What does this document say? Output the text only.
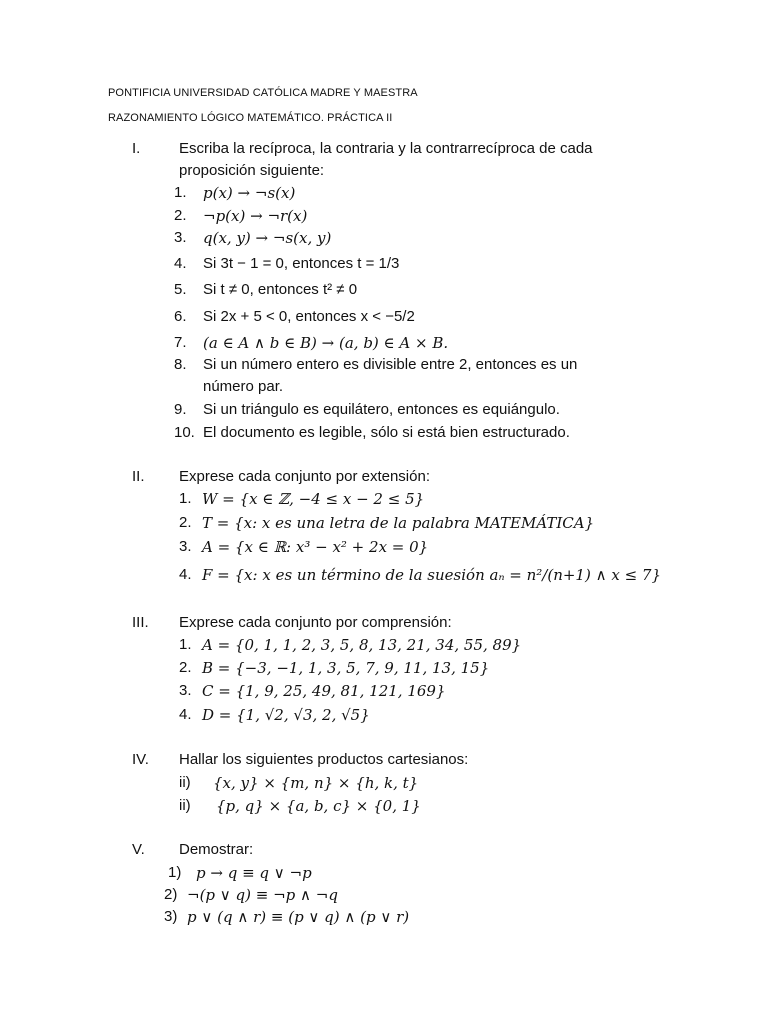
PONTIFICIA UNIVERSIDAD CATÓLICA MADRE Y MAESTRA
RAZONAMIENTO LÓGICO MATEMÁTICO. PRÁCTICA II
I.	Escriba la recíproca, la contraria y la contrarrecíproca de cada
proposición siguiente:
1. p(x) → ¬s(x)
2. ¬p(x) → ¬r(x)
3. q(x, y) → ¬s(x, y)
4. Si 3t − 1 = 0, entonces t = 1/3
5. Si t ≠ 0, entonces t² ≠ 0
6. Si 2x + 5 < 0, entonces x < −5/2
7. (a ∈ A ∧ b ∈ B) → (a, b) ∈ A × B.
8. Si un número entero es divisible entre 2, entonces es un
número par.
9. Si un triángulo es equilátero, entonces es equiángulo.
10. El documento es legible, sólo si está bien estructurado.
II. Exprese cada conjunto por extensión:
1. W = {x ∈ ℤ, −4 ≤ x − 2 ≤ 5}
2. T = {x: x es una letra de la palabra MATEMÁTICA}
3. A = {x ∈ ℝ: x³ − x² + 2x = 0}
4. F = {x: x es un término de la suesión aₙ = n²/(n+1) ∧ x ≤ 7}
III. Exprese cada conjunto por comprensión:
1. A = {0, 1, 1, 2, 3, 5, 8, 13, 21, 34, 55, 89}
2. B = {−3, −1, 1, 3, 5, 7, 9, 11, 13, 15}
3. C = {1, 9, 25, 49, 81, 121, 169}
4. D = {1, √2, √3, 2, √5}
IV. Hallar los siguientes productos cartesianos:
ii) {x, y} × {m, n} × {h, k, t}
ii) {p, q} × {a, b, c} × {0, 1}
V. Demostrar:
1) p → q ≡ q ∨ ¬p
2) ¬(p ∨ q) ≡ ¬p ∧ ¬q
3) p ∨ (q ∧ r) ≡ (p ∨ q) ∧ (p ∨ r)
